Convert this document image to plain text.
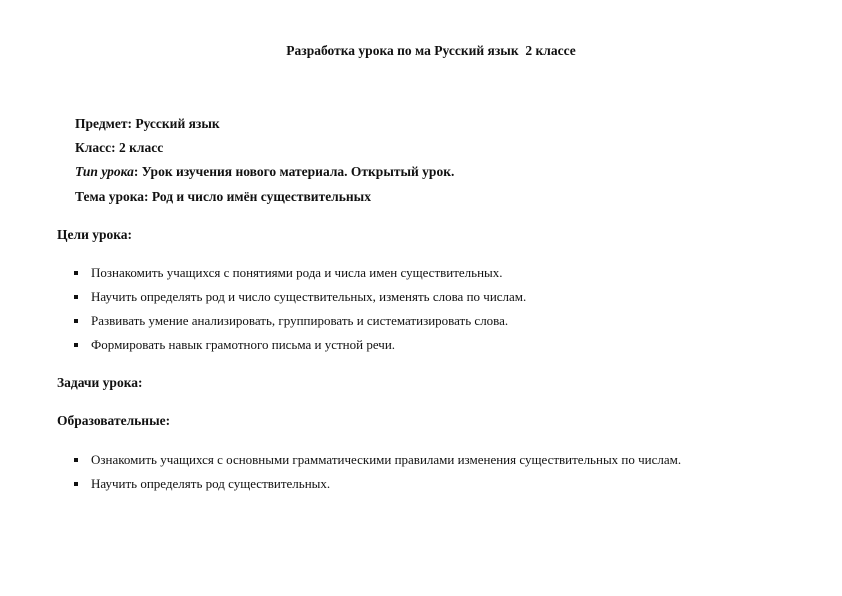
Разработка урока по ма Русский язык  2 классе
Предмет: Русский язык
Класс: 2 класс
Тип урока: Урок изучения нового материала. Открытый урок.
Тема урока: Род и число имён существительных
Цели урока:
Познакомить учащихся с понятиями рода и числа имен существительных.
Научить определять род и число существительных, изменять слова по числам.
Развивать умение анализировать, группировать и систематизировать слова.
Формировать навык грамотного письма и устной речи.
Задачи урока:
Образовательные:
Ознакомить учащихся с основными грамматическими правилами изменения существительных по числам.
Научить определять род существительных.
